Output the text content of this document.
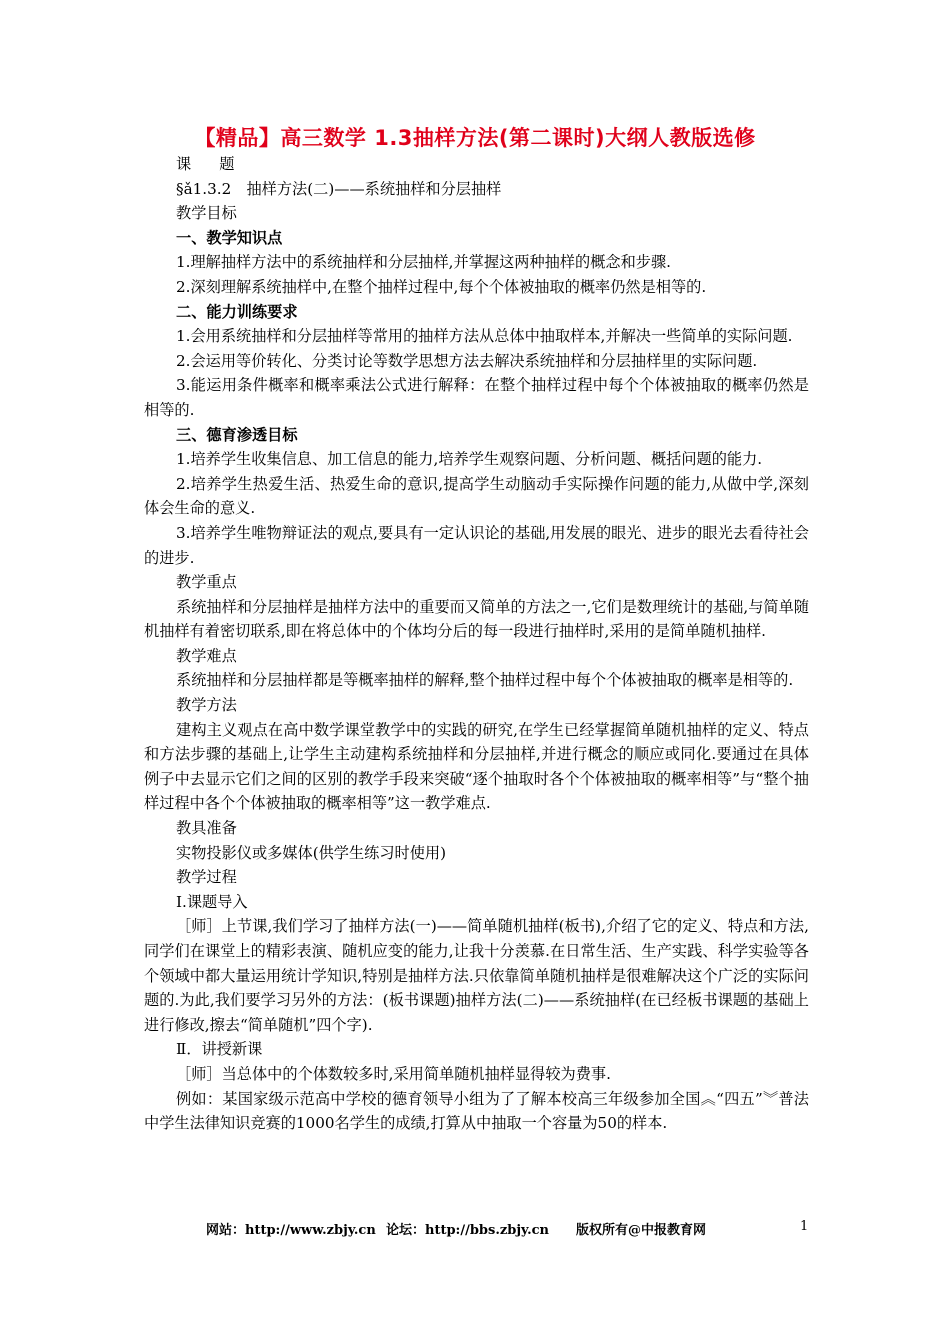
【精品】高三数学 1.3抽样方法(第二课时)大纲人教版选修

课题

§ǎ1.3.2　抽样方法(二)——系统抽样和分层抽样

教学目标

一、教学知识点

1.理解抽样方法中的系统抽样和分层抽样,并掌握这两种抽样的概念和步骤.

2.深刻理解系统抽样中,在整个抽样过程中,每个个体被抽取的概率仍然是相等的.

二、能力训练要求

1.会用系统抽样和分层抽样等常用的抽样方法从总体中抽取样本,并解决一些简单的实际问题.

2.会运用等价转化、分类讨论等数学思想方法去解决系统抽样和分层抽样里的实际问题.

3.能运用条件概率和概率乘法公式进行解释：在整个抽样过程中每个个体被抽取的概率仍然是相等的.

三、德育渗透目标

1.培养学生收集信息、加工信息的能力,培养学生观察问题、分析问题、概括问题的能力.

2.培养学生热爱生活、热爱生命的意识,提高学生动脑动手实际操作问题的能力,从做中学,深刻体会生命的意义.

3.培养学生唯物辩证法的观点,要具有一定认识论的基础,用发展的眼光、进步的眼光去看待社会的进步.

教学重点

系统抽样和分层抽样是抽样方法中的重要而又简单的方法之一,它们是数理统计的基础,与简单随机抽样有着密切联系,即在将总体中的个体均分后的每一段进行抽样时,采用的是简单随机抽样.

教学难点

系统抽样和分层抽样都是等概率抽样的解释,整个抽样过程中每个个体被抽取的概率是相等的.

教学方法

建构主义观点在高中数学课堂教学中的实践的研究,在学生已经掌握简单随机抽样的定义、特点和方法步骤的基础上,让学生主动建构系统抽样和分层抽样,并进行概念的顺应或同化.要通过在具体例子中去显示它们之间的区别的教学手段来突破“逐个抽取时各个个体被抽取的概率相等”与“整个抽样过程中各个个体被抽取的概率相等”这一教学难点.

教具准备

实物投影仪或多媒体(供学生练习时使用)

教学过程

Ⅰ.课题导入

［师］上节课,我们学习了抽样方法(一)——简单随机抽样(板书),介绍了它的定义、特点和方法,同学们在课堂上的精彩表演、随机应变的能力,让我十分羡慕.在日常生活、生产实践、科学实验等各个领域中都大量运用统计学知识,特别是抽样方法.只依靠简单随机抽样是很难解决这个广泛的实际问题的.为此,我们要学习另外的方法：(板书课题)抽样方法(二)——系统抽样(在已经板书课题的基础上进行修改,擦去“简单随机”四个字).

Ⅱ．讲授新课

［师］当总体中的个体数较多时,采用简单随机抽样显得较为费事.

例如：某国家级示范高中学校的德育领导小组为了了解本校高三年级参加全国︽“四五”︾普法中学生法律知识竞赛的1000名学生的成绩,打算从中抽取一个容量为50的样本.

网站：http://www.zbjy.cn 论坛：http://bbs.zbjy.cn 版权所有@中报教育网	1
